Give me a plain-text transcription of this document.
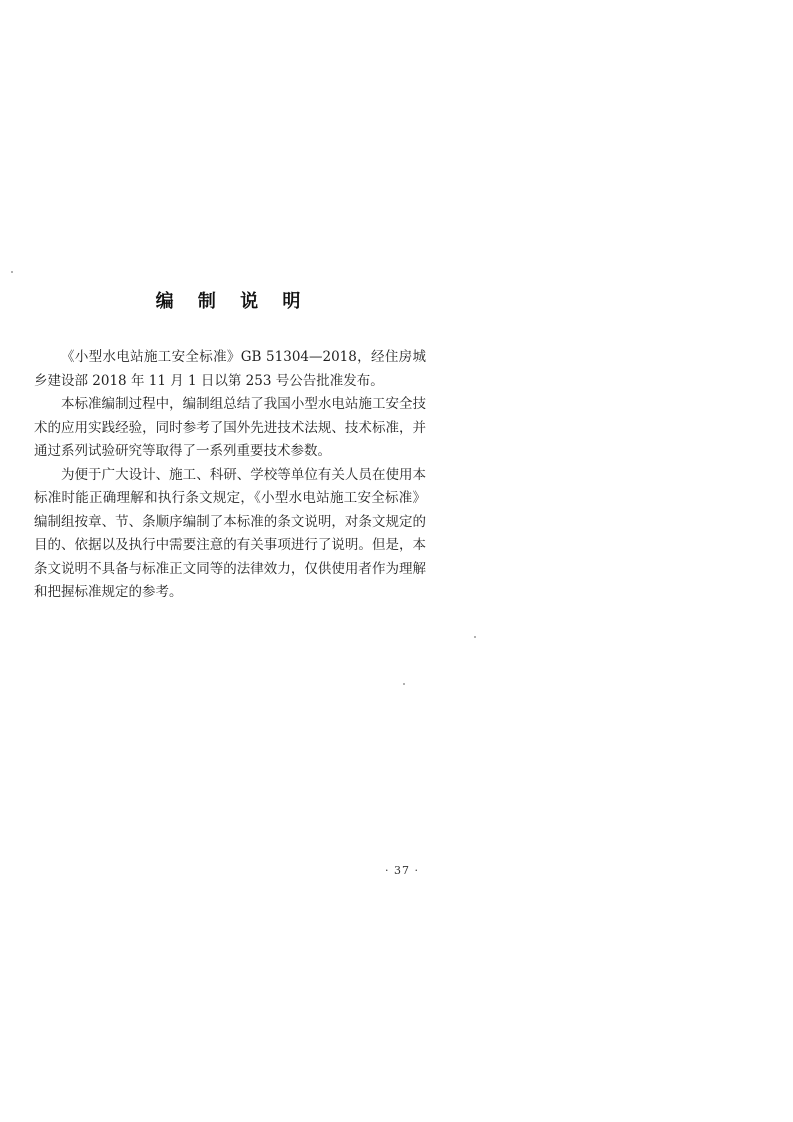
编 制 说 明

《小型水电站施工安全标准》GB 51304—2018，经住房城乡建设部 2018 年 11 月 1 日以第 253 号公告批准发布。

本标准编制过程中，编制组总结了我国小型水电站施工安全技术的应用实践经验，同时参考了国外先进技术法规、技术标准，并通过系列试验研究等取得了一系列重要技术参数。

为便于广大设计、施工、科研、学校等单位有关人员在使用本标准时能正确理解和执行条文规定，《小型水电站施工安全标准》编制组按章、节、条顺序编制了本标准的条文说明，对条文规定的目的、依据以及执行中需要注意的有关事项进行了说明。但是，本条文说明不具备与标准正文同等的法律效力，仅供使用者作为理解和把握标准规定的参考。

· 37 ·
